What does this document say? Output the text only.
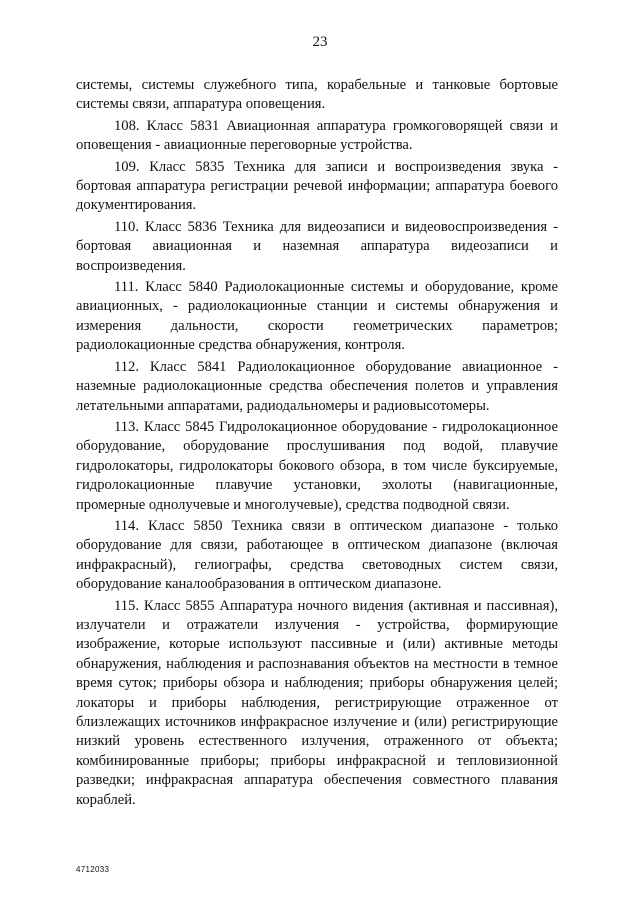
23

системы, системы служебного типа, корабельные и танковые бортовые системы связи, аппаратура оповещения.

108. Класс 5831 Авиационная аппаратура громкоговорящей связи и оповещения - авиационные переговорные устройства.

109. Класс 5835 Техника для записи и воспроизведения звука - бортовая аппаратура регистрации речевой информации; аппаратура боевого документирования.

110. Класс 5836 Техника для видеозаписи и видеовоспроизведения - бортовая авиационная и наземная аппаратура видеозаписи и воспроизведения.

111. Класс 5840 Радиолокационные системы и оборудование, кроме авиационных, - радиолокационные станции и системы обнаружения и измерения дальности, скорости геометрических параметров; радиолокационные средства обнаружения, контроля.

112. Класс 5841 Радиолокационное оборудование авиационное - наземные радиолокационные средства обеспечения полетов и управления летательными аппаратами, радиодальномеры и радиовысотомеры.

113. Класс 5845 Гидролокационное оборудование - гидролокационное оборудование, оборудование прослушивания под водой, плавучие гидролокаторы, гидролокаторы бокового обзора, в том числе буксируемые, гидролокационные плавучие установки, эхолоты (навигационные, промерные однолучевые и многолучевые), средства подводной связи.

114. Класс 5850 Техника связи в оптическом диапазоне - только оборудование для связи, работающее в оптическом диапазоне (включая инфракрасный), гелиографы, средства световодных систем связи, оборудование каналообразования в оптическом диапазоне.

115. Класс 5855 Аппаратура ночного видения (активная и пассивная), излучатели и отражатели излучения - устройства, формирующие изображение, которые используют пассивные и (или) активные методы обнаружения, наблюдения и распознавания объектов на местности в темное время суток; приборы обзора и наблюдения; приборы обнаружения целей; локаторы и приборы наблюдения, регистрирующие отраженное от близлежащих источников инфракрасное излучение и (или) регистрирующие низкий уровень естественного излучения, отраженного от объекта; комбинированные приборы; приборы инфракрасной и тепловизионной разведки; инфракрасная аппаратура обеспечения совместного плавания кораблей.

4712033
